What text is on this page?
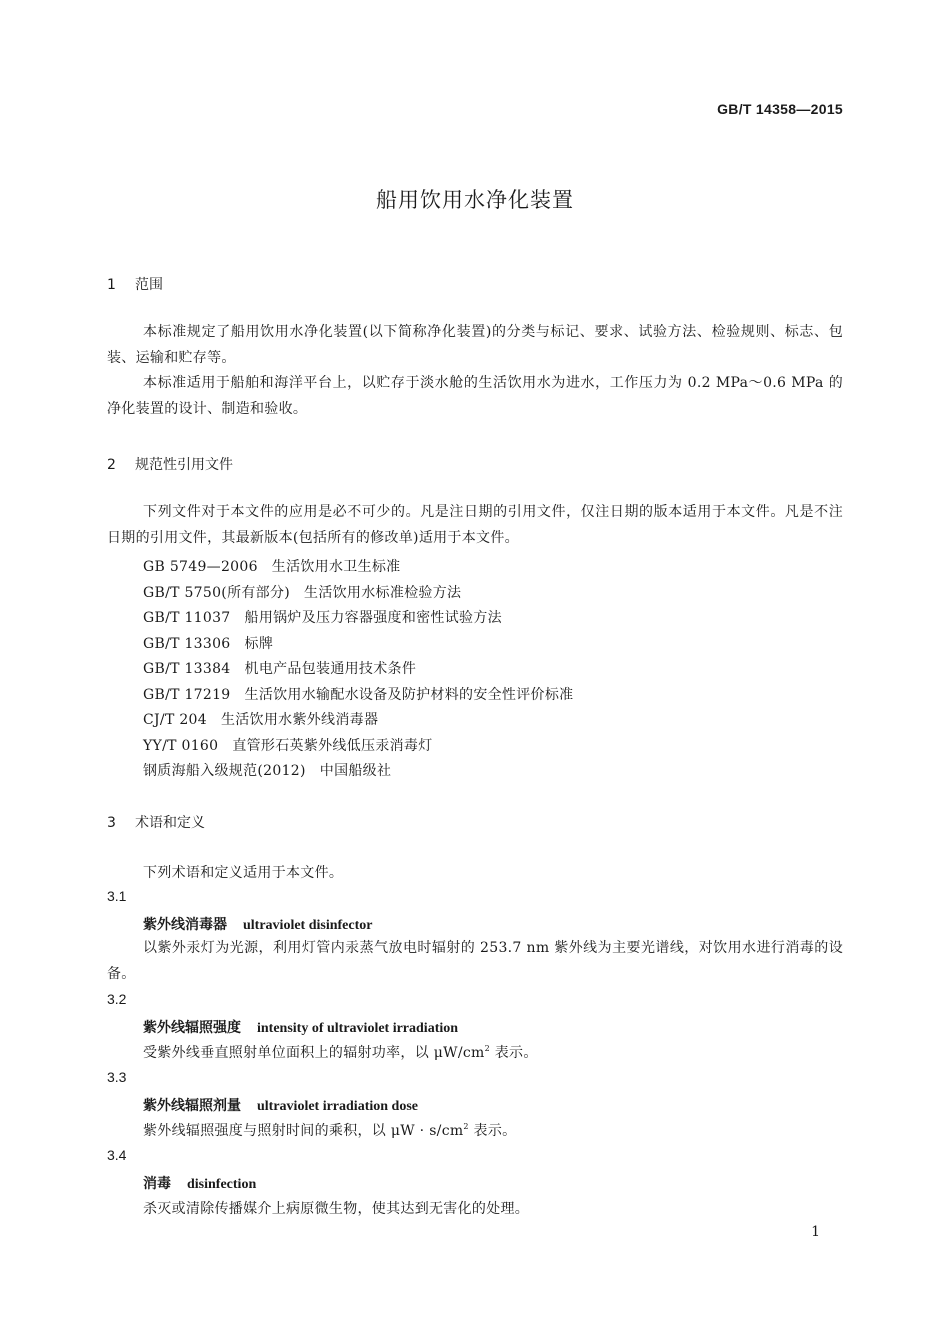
GB/T 14358—2015
船用饮用水净化装置
1 范围
本标准规定了船用饮用水净化装置(以下简称净化装置)的分类与标记、要求、试验方法、检验规则、标志、包装、运输和贮存等。
本标准适用于船舶和海洋平台上，以贮存于淡水舱的生活饮用水为进水，工作压力为 0.2 MPa～0.6 MPa 的净化装置的设计、制造和验收。
2 规范性引用文件
下列文件对于本文件的应用是必不可少的。凡是注日期的引用文件，仅注日期的版本适用于本文件。凡是不注日期的引用文件，其最新版本(包括所有的修改单)适用于本文件。
GB 5749—2006 生活饮用水卫生标准
GB/T 5750(所有部分) 生活饮用水标准检验方法
GB/T 11037 船用锅炉及压力容器强度和密性试验方法
GB/T 13306 标牌
GB/T 13384 机电产品包装通用技术条件
GB/T 17219 生活饮用水输配水设备及防护材料的安全性评价标准
CJ/T 204 生活饮用水紫外线消毒器
YY/T 0160 直管形石英紫外线低压汞消毒灯
钢质海船入级规范(2012) 中国船级社
3 术语和定义
下列术语和定义适用于本文件。
3.1
紫外线消毒器 ultraviolet disinfector
以紫外汞灯为光源，利用灯管内汞蒸气放电时辐射的 253.7 nm 紫外线为主要光谱线，对饮用水进行消毒的设备。
3.2
紫外线辐照强度 intensity of ultraviolet irradiation
受紫外线垂直照射单位面积上的辐射功率，以 $\mu W/cm^2$ 表示。
3.3
紫外线辐照剂量 ultraviolet irradiation dose
紫外线辐照强度与照射时间的乘积，以 $\mu W \cdot s/cm^2$ 表示。
3.4
消毒 disinfection
杀灭或清除传播媒介上病原微生物，使其达到无害化的处理。
1
